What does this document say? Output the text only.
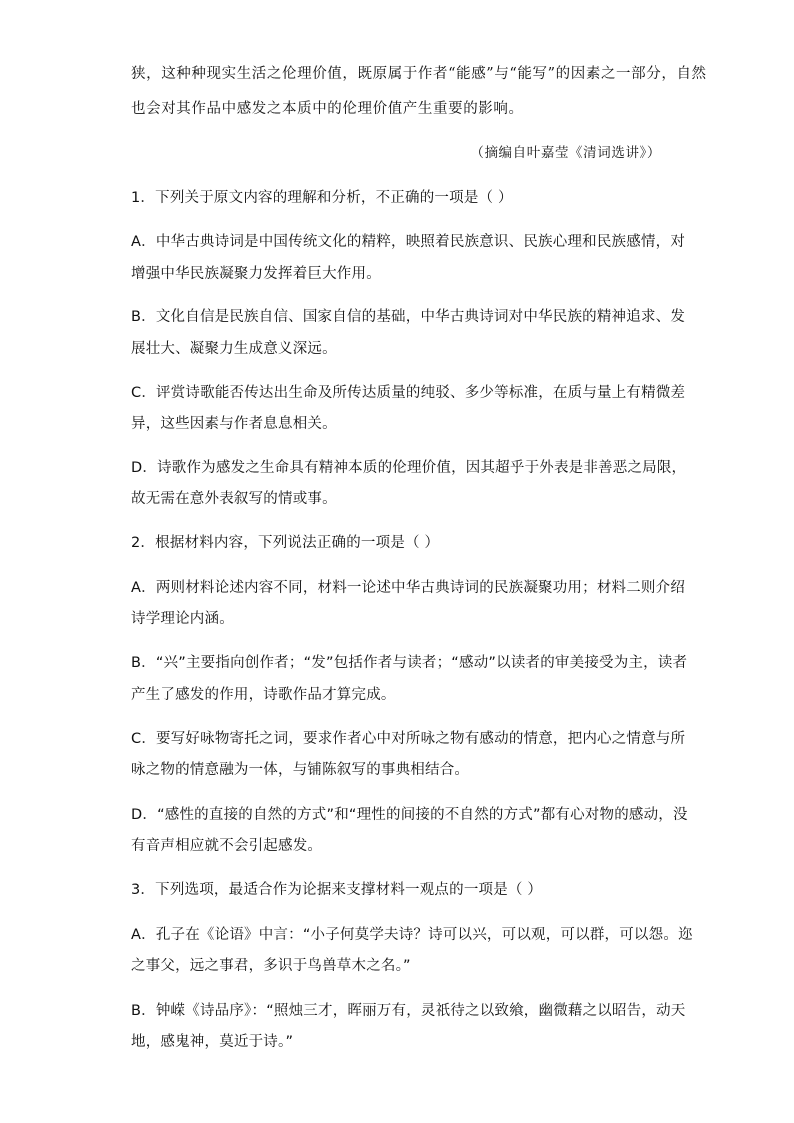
狭，这种种现实生活之伦理价值，既原属于作者“能感”与“能写”的因素之一部分，自然
也会对其作品中感发之本质中的伦理价值产生重要的影响。
（摘编自叶嘉莹《清词选讲》）
1．下列关于原文内容的理解和分析，不正确的一项是（ ）
A．中华古典诗词是中国传统文化的精粹，映照着民族意识、民族心理和民族感情，对
增强中华民族凝聚力发挥着巨大作用。
B．文化自信是民族自信、国家自信的基础，中华古典诗词对中华民族的精神追求、发
展壮大、凝聚力生成意义深远。
C．评赏诗歌能否传达出生命及所传达质量的纯驳、多少等标准，在质与量上有精微差
异，这些因素与作者息息相关。
D．诗歌作为感发之生命具有精神本质的伦理价值，因其超乎于外表是非善恶之局限，
故无需在意外表叙写的情或事。
2．根据材料内容，下列说法正确的一项是（ ）
A．两则材料论述内容不同，材料一论述中华古典诗词的民族凝聚功用；材料二则介绍
诗学理论内涵。
B．“兴”主要指向创作者；“发”包括作者与读者；“感动”以读者的审美接受为主，读者
产生了感发的作用，诗歌作品才算完成。
C．要写好咏物寄托之词，要求作者心中对所咏之物有感动的情意，把内心之情意与所
咏之物的情意融为一体，与铺陈叙写的事典相结合。
D．“感性的直接的自然的方式”和“理性的间接的不自然的方式”都有心对物的感动，没
有音声相应就不会引起感发。
3．下列选项，最适合作为论据来支撑材料一观点的一项是（ ）
A．孔子在《论语》中言：“小子何莫学夫诗？诗可以兴，可以观，可以群，可以怨。迩
之事父，远之事君，多识于鸟兽草木之名。”
B．钟嵘《诗品序》：“照烛三才，晖丽万有，灵祇待之以致飨，幽微藉之以昭告，动天
地，感鬼神，莫近于诗。”
